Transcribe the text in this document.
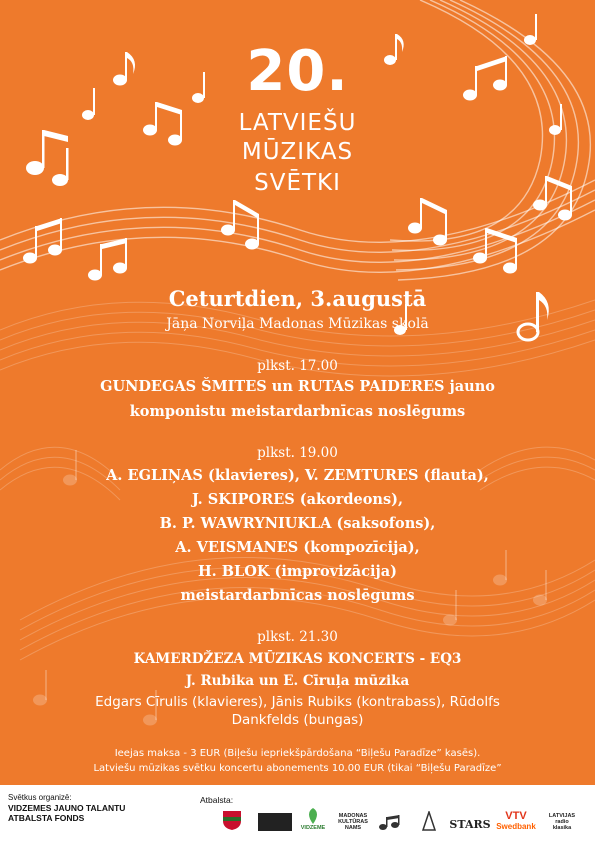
20.
LATVIEŠU
MŪZIKAS
SVĒTKI
Ceturtdien, 3.augustā
Jāņa Norviļa Madonas Mūzikas skolā
plkst. 17.00
GUNDEGAS ŠMITES un RUTAS PAIDERES jauno
komponistu meistardarbnīcas noslēgums
plkst. 19.00
A. EGLIŅAS (klavieres), V. ZEMTURES (flauta),
J. SKIPORES (akordeons),
B. P. WAWRYNIUKLA (saksofons),
A. VEISMANES (kompozīcija),
H. BLOK (improvizācija)
meistardarbnīcas noslēgums
plkst. 21.30
KAMERDŽEZA MŪZIKAS KONCERTS - EQ3
J. Rubika un E. Cīruļa mūzika
Edgars Cīrulis (klavieres), Jānis Rubiks (kontrabass), Rūdolfs
Dankfelds (bungas)
Ieejas maksa - 3 EUR (Biļešu iepriekšpārdošana “Biļešu Paradīze” kasēs).
Latviešu mūzikas svētku koncertu abonements 10.00 EUR (tikai “Biļešu Paradīze”
Svētkus organizē:
VIDZEMES JAUNO TALANTU
ATBALSTA FONDS
Atbalsta:
VIDZEME
MADONAS
KULTŪRAS
NAMS	STARS
VTV
Swedbank
LATVIJAS
radio
klasika
